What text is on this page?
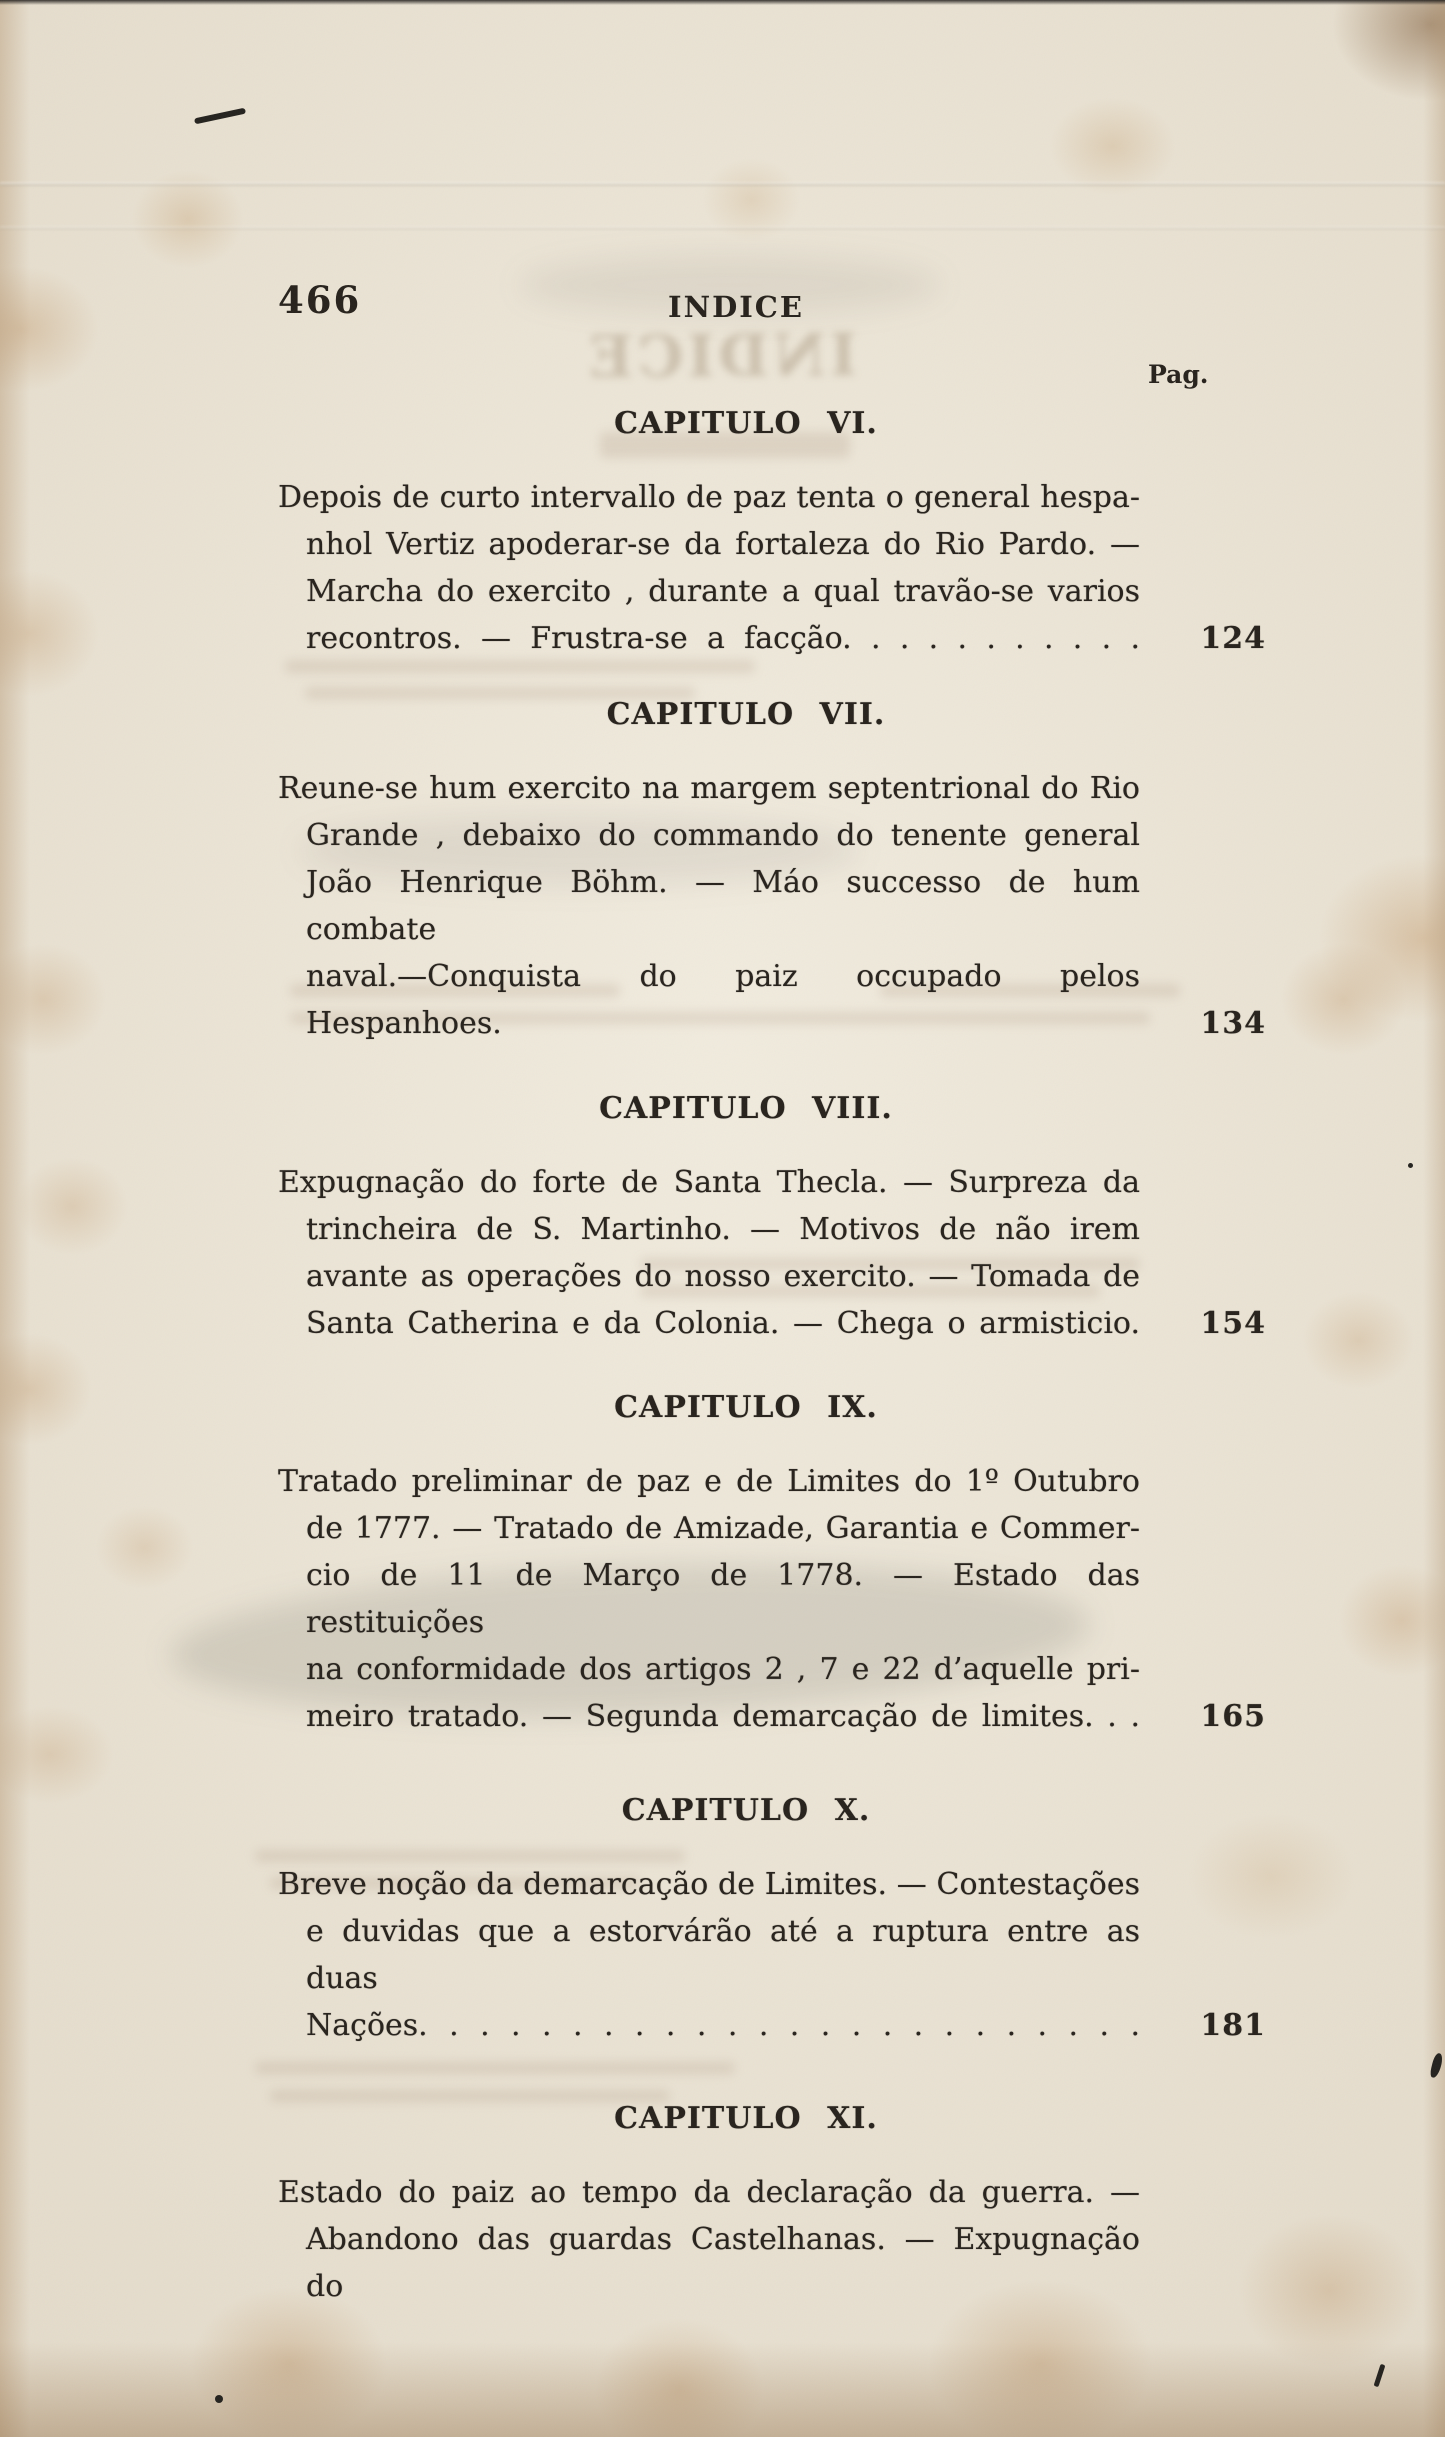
INDICE
466	INDICE
Pag.
CAPITULO VI.
Depois de curto intervallo de paz tenta o general hespa-
nhol Vertiz apoderar-se da fortaleza do Rio Pardo. —
Marcha do exercito , durante a qual travão-se varios
recontros. — Frustra-se a facção. . . . . . . . . . .	124
CAPITULO VII.
Reune-se hum exercito na margem septentrional do Rio
Grande , debaixo do commando do tenente general
João Henrique Böhm. — Máo successo de hum combate
naval.—Conquista do paiz occupado pelos Hespanhoes.	134
CAPITULO VIII.
Expugnação do forte de Santa Thecla. — Surpreza da
trincheira de S. Martinho. — Motivos de não irem
avante as operações do nosso exercito. — Tomada de
Santa Catherina e da Colonia. — Chega o armisticio.	154
CAPITULO IX.
Tratado preliminar de paz e de Limites do 1º Outubro
de 1777. — Tratado de Amizade, Garantia e Commer-
cio de 11 de Março de 1778. — Estado das restituições
na conformidade dos artigos 2 , 7 e 22 d’aquelle pri-
meiro tratado. — Segunda demarcação de limites. . .	165
CAPITULO X.
Breve noção da demarcação de Limites. — Contestações
e duvidas que a estorvárão até a ruptura entre as duas
Nações. . . . . . . . . . . . . . . . . . . . . . . .	181
CAPITULO XI.
Estado do paiz ao tempo da declaração da guerra. —
Abandono das guardas Castelhanas. — Expugnação do
